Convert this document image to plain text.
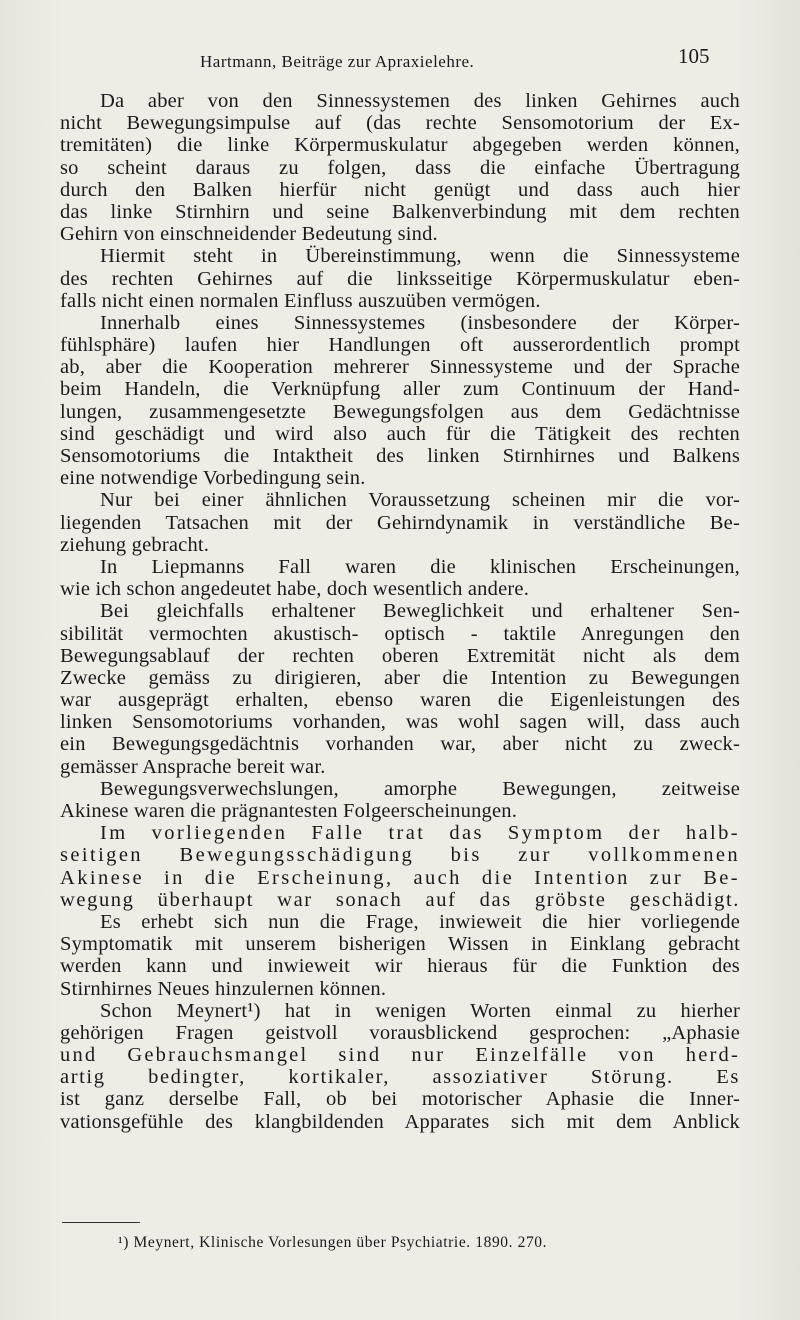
Hartmann, Beiträge zur Apraxielehre.	105
Da aber von den Sinnessystemen des linken Gehirnes auch
nicht Bewegungsimpulse auf (das rechte Sensomotorium der Ex-
tremitäten) die linke Körpermuskulatur abgegeben werden können,
so scheint daraus zu folgen, dass die einfache Übertragung
durch den Balken hierfür nicht genügt und dass auch hier
das linke Stirnhirn und seine Balkenverbindung mit dem rechten
Gehirn von einschneidender Bedeutung sind.
Hiermit steht in Übereinstimmung, wenn die Sinnessysteme
des rechten Gehirnes auf die linksseitige Körpermuskulatur eben-
falls nicht einen normalen Einfluss auszuüben vermögen.
Innerhalb eines Sinnessystemes (insbesondere der Körper-
fühlsphäre) laufen hier Handlungen oft ausserordentlich prompt
ab, aber die Kooperation mehrerer Sinnessysteme und der Sprache
beim Handeln, die Verknüpfung aller zum Continuum der Hand-
lungen, zusammengesetzte Bewegungsfolgen aus dem Gedächtnisse
sind geschädigt und wird also auch für die Tätigkeit des rechten
Sensomotoriums die Intaktheit des linken Stirnhirnes und Balkens
eine notwendige Vorbedingung sein.
Nur bei einer ähnlichen Voraussetzung scheinen mir die vor-
liegenden Tatsachen mit der Gehirndynamik in verständliche Be-
ziehung gebracht.
In Liepmanns Fall waren die klinischen Erscheinungen,
wie ich schon angedeutet habe, doch wesentlich andere.
Bei gleichfalls erhaltener Beweglichkeit und erhaltener Sen-
sibilität vermochten akustisch- optisch - taktile Anregungen den
Bewegungsablauf der rechten oberen Extremität nicht als dem
Zwecke gemäss zu dirigieren, aber die Intention zu Bewegungen
war ausgeprägt erhalten, ebenso waren die Eigenleistungen des
linken Sensomotoriums vorhanden, was wohl sagen will, dass auch
ein Bewegungsgedächtnis vorhanden war, aber nicht zu zweck-
gemässer Ansprache bereit war.
Bewegungsverwechslungen, amorphe Bewegungen, zeitweise
Akinese waren die prägnantesten Folgeerscheinungen.
Im vorliegenden Falle trat das Symptom der halb-
seitigen Bewegungsschädigung bis zur vollkommenen
Akinese in die Erscheinung, auch die Intention zur Be-
wegung überhaupt war sonach auf das gröbste geschädigt.
Es erhebt sich nun die Frage, inwieweit die hier vorliegende
Symptomatik mit unserem bisherigen Wissen in Einklang gebracht
werden kann und inwieweit wir hieraus für die Funktion des
Stirnhirnes Neues hinzulernen können.
Schon Meynert¹) hat in wenigen Worten einmal zu hierher
gehörigen Fragen geistvoll vorausblickend gesprochen: „Aphasie
und Gebrauchsmangel sind nur Einzelfälle von herd-
artig bedingter, kortikaler, assoziativer Störung. Es
ist ganz derselbe Fall, ob bei motorischer Aphasie die Inner-
vationsgefühle des klangbildenden Apparates sich mit dem Anblick
¹) Meynert, Klinische Vorlesungen über Psychiatrie. 1890. 270.
